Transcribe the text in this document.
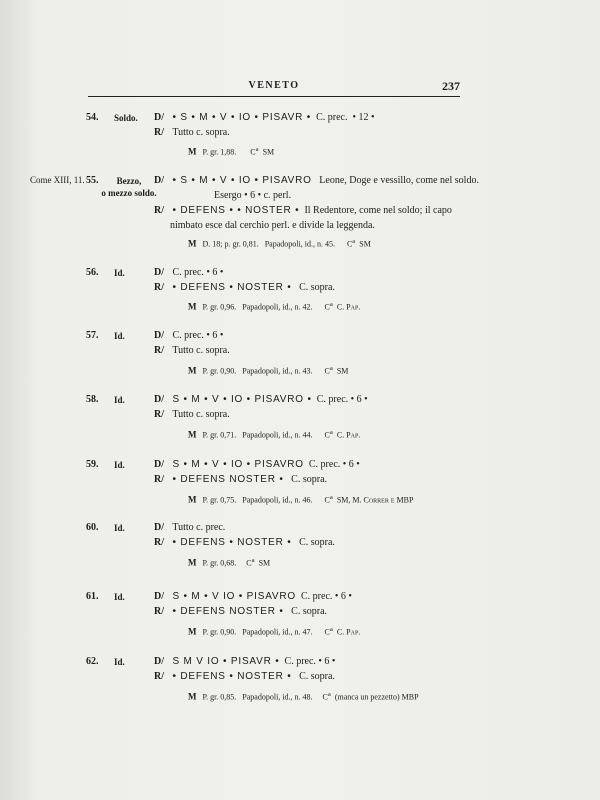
VENETO	237
54. Soldo. D/ • S • M • V • IO • PISAVR • C. prec. • 12 •
R/ Tutto c. sopra.
M P. gr. 1,88. $C^a$ SM
Come XIII, 11. 55.	Bezzo,
o mezzo soldo.
D/ • S • M • V • IO • PISAVRO Leone, Doge e vessillo, come nel soldo.
Esergo • 6 • c. perl.
R/ • DEFENS • • NOSTER • Il Redentore, come nel soldo; il capo
nimbato esce dal cerchio perl. e divide la leggenda.
M D. 18; p. gr. 0,81. Papadopoli, id., n. 45. $C^a$ SM
56. Id.	D/ C. prec. • 6 •
R/ • DEFENS • NOSTER • C. sopra.
M P. gr. 0,96. Papadopoli, id., n. 42. $C^a$ C. Pap.
57. Id.	D/ C. prec. • 6 •
R/ Tutto c. sopra.
M P. gr. 0,90. Papadopoli, id., n. 43. $C^a$ SM
58. Id.	D/ S • M • V • IO • PISAVRO • C. prec. • 6 •
R/ Tutto c. sopra.
M P. gr. 0,71. Papadopoli, id., n. 44. $C^a$ C. Pap.
59. Id.	D/ S • M • V • IO • PISAVRO C. prec. • 6 •
R/ • DEFENS NOSTER • C. sopra.
M P. gr. 0,75. Papadopoli, id., n. 46. $C^a$ SM, M. Correr e MBP
60. Id.	D/ Tutto c. prec.
R/ • DEFENS • NOSTER • C. sopra.
M P. gr. 0,68. $C^a$ SM
61. Id.	D/ S • M • V IO • PISAVRO C. prec. • 6 •
R/ • DEFENS NOSTER • C. sopra.
M P. gr. 0,90. Papadopoli, id., n. 47. $C^a$ C. Pap.
62. Id.	D/ S M V IO • PISAVR • C. prec. • 6 •
R/ • DEFENS • NOSTER • C. sopra.
M P. gr. 0,85. Papadopoli, id., n. 48. $C^a$ (manca un pezzetto) MBP
